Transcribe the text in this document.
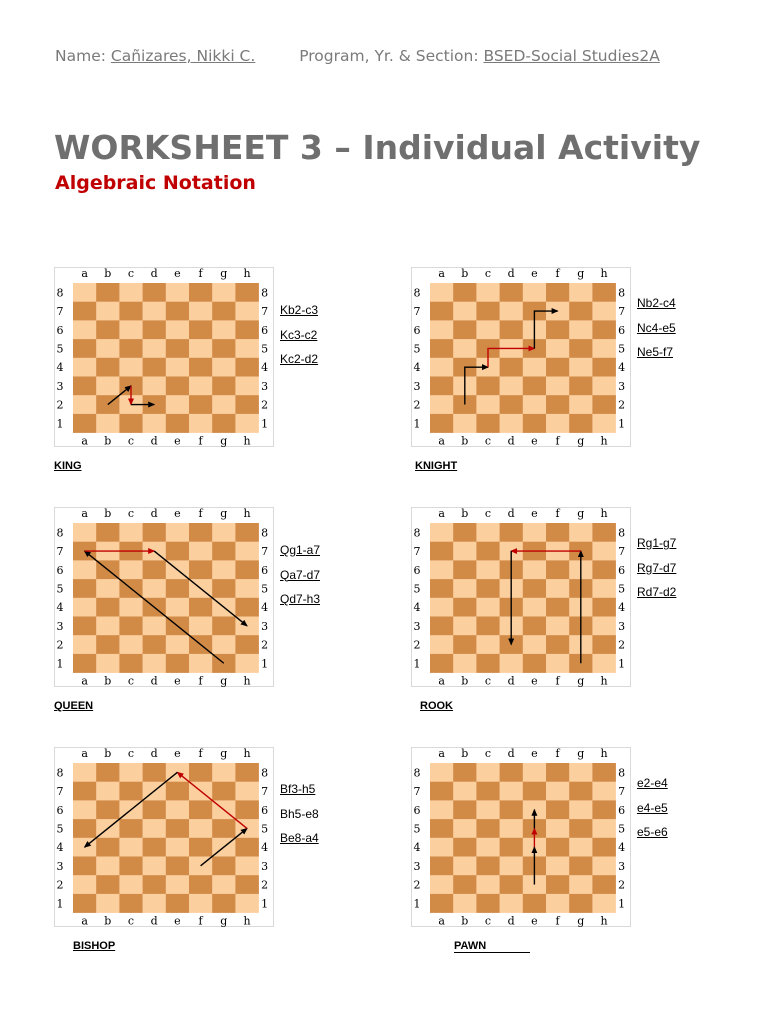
Name: Cañizares, Nikki C.	Program, Yr. & Section: BSED-Social Studies2A
WORKSHEET 3 – Individual Activity
Algebraic Notation
a
a
b
b
c
c
d
d
e
e
f
f
g
g
h
h
8	8
7	7
6	6
5	5
4	4
3	3
2	2
1	1
Kb2-c3
Kc3-c2
Kc2-d2
KING
a
a
b
b
c
c
d
d
e
e
f
f
g
g
h
h
8	8
7	7
6	6
5	5
4	4
3	3
2	2
1	1
Nb2-c4
Nc4-e5
Ne5-f7
KNIGHT
a
a
b
b
c
c
d
d
e
e
f
f
g
g
h
h
8	8
7	7
6	6
5	5
4	4
3	3
2	2
1	1
Qg1-a7
Qa7-d7
Qd7-h3
QUEEN
a
a
b
b
c
c
d
d
e
e
f
f
g
g
h
h
8	8
7	7
6	6
5	5
4	4
3	3
2	2
1	1
Rg1-g7
Rg7-d7
Rd7-d2
ROOK
a
a
b
b
c
c
d
d
e
e
f
f
g
g
h
h
8	8
7	7
6	6
5	5
4	4
3	3
2	2
1	1
Bf3-h5
Bh5-e8
Be8-a4
BISHOP
a
a
b
b
c
c
d
d
e
e
f
f
g
g
h
h
8	8
7	7
6	6
5	5
4	4
3	3
2	2
1	1
e2-e4
e4-e5
e5-e6
PAWN
